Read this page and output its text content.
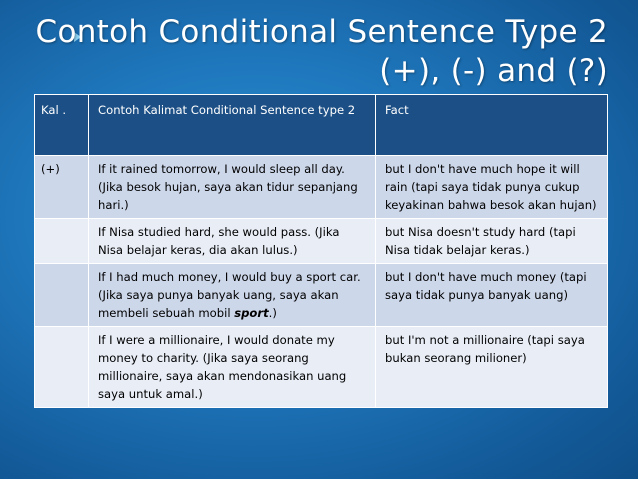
Contoh Conditional Sentence Type 2
(+), (-) and (?)
Kal .	Contoh Kalimat Conditional Sentence type 2	Fact
(+)	If it rained tomorrow, I would sleep all day. (Jika besok hujan, saya akan tidur sepanjang hari.)	but I don't have much hope it will rain (tapi saya tidak punya cukup keyakinan bahwa besok akan hujan)
	If Nisa studied hard, she would pass. (Jika Nisa belajar keras, dia akan lulus.)	but Nisa doesn't study hard (tapi Nisa tidak belajar keras.)
	If I had much money, I would buy a sport car. (Jika saya punya banyak uang, saya akan membeli sebuah mobil sport.)	but I don't have much money (tapi saya tidak punya banyak uang)
	If I were a millionaire, I would donate my money to charity. (Jika saya seorang millionaire, saya akan mendonasikan uang saya untuk amal.)	but I'm not a millionaire (tapi saya bukan seorang milioner)
